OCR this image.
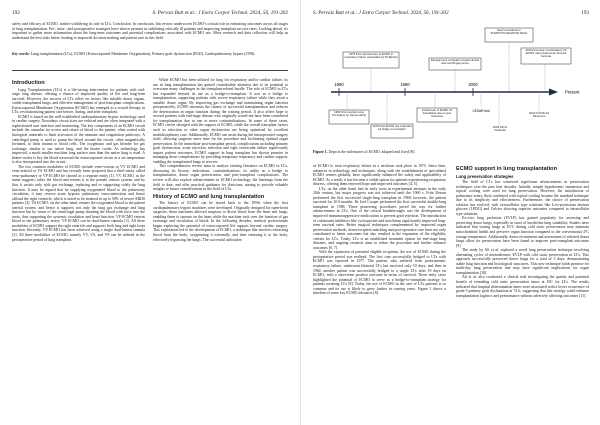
192	S. Pervaiz Butt et al.: J Extra Corpor Technol. 2024, 56, 191-202

safety and efficacy of ECMO, further solidifying its role in LTx. Conclusion: In conclusion, this review underscores ECMO's critical role in enhancing outcomes across all stages of lung transplantation. Pre-, intra-, and postoperative strategies have shown promise in stabilizing critically ill patients and improving transplant success rates. Looking ahead, it's important to gather more information about the long-term outcomes and potential complications associated with ECMO use. More research and data collection will help us understand the best risks better, leading to improved decision-making and patient care in this field.

Key words: Lung transplantation (LTx), ECMO (Extracorporeal Membrane Oxygenation), Primary graft dysfunction (PGD), Cardiopulmonary bypass (CPB).

Introduction

Lung Transplantation (LTx) is a life-saving intervention for patients with end-stage lung disease, offering a chance of improved quality of life and long-term survival. However, the success of LTx relies on factors like suitable donor organs, viable transplanted lungs, and effective management of post-transplant complications. Extracorporeal Membrane Oxygenation (ECMO) has emerged as a crucial therapy in LTx, revolutionizing patient care before, during, and after transplant.

ECMO is based on the well-established cardiopulmonary bypass technology used in cardiac surgery. Nowadays circuit sizes are reduced and are often integrated with a sophisticated user interface and monitoring. The key components of an ECMO circuit include the cannulae for access and return of blood to the patient, often coated with biological materials to limit activation of the immune and coagulation pathways. A centrifugal pump is used to pump the blood around the circuit, often magnetically levitated, to limit trauma to blood cells. The oxygenator and gas blender for gas exchange, similar to our native lung, and the heater cooler. As technology has improved, a much smaller machine long surface area than the native lung is used. A heater-cooler is key the blood traversed the extracorporeal circuit at a set temperature is also incorporated into the circuit.

The two common modalities of ECMO include veno-venous or VV ECMO and veno-arterial or VA ECMO and has recently been proposed that a third entity called veno-pulmonary or VP ECMO be classed as a separate entity [1]. VV ECMO, as the name suggests, takes the blood and returns it to the pseudo venous system, and by that, it assists only with gas exchange, replacing and or supporting solely the lung function. It may be argued that by supplying oxygenated blood to the pulmonary circulation, it may reverse acute hypoxic pulmonary vasoconstriction and hence offload the right ventricle, which is noted to be strained in up to 50% of severe ARDS patients [2]. VA ECMO, on the other hand, returns the oxygenated blood to the patient arterial system, and hence it supports not only the lung gas exchange and lung function but by virtue of the centrifugal pump shunting the blood with force into the aorta, thus supporting the systemic circulation and heart function. VP ECMO returns blood to the pulmonary artery. VP ECMO can be dual-lumen cannula [3]. All three modalities of ECMO support the right ventricle and supports both lung and right heart function. Recently, VP ECMO has been achieved using a single dual-lumen cannula [3]. All three modalities of ECMO, namely VV, VA, and VP can be utilized in the perioperative period of lung transplant.

While ECMO has been utilized for lung for respiratory and/or cardiac failure, its use in lung transplantation has gained considerable attention due to its potential to overcome many challenges in the transplant-related hurdle. The role of ECMO in LTx has expanded beyond its use as a bridge-to-transplant. It acts as a bridge to transplantation, supporting patients with severe respiratory failure while they await a suitable donor organ. By improving gas exchange and maintaining organ function preoperatively, ECMO increases the chance of successful transplantation and reduces the deterioration in organ function during the waiting period. It also offers hope to several patients with end-stage disease who originally would not have been considered for transplantation due to one or more contraindications. In some of these cases, ECMO can be salvaged with the support of ECMO, while the overall transplant factors such as infection or other organ dysfunction are being optimised by excellent multidisciplinary care. Additionally, ECMO can assist during the intraoperative surgery itself, allowing surgeons more time for the procedure and facilitating optimal organ preservation. In the immediate post-transplant period, complications including primary graft dysfunction, acute rejection, infection and right ventricular failure significantly impact patient outcomes. ECMO support in lung transplant has shown promise in managing these complications by providing temporary respiratory and cardiac support, enabling the transplanted lungs to recover.

This comprehensive review aims to analyze existing literature on ECMO in LTx, discussing its history, indications, contraindications, its utility as a bridge to transplantation, donor organ preservation, and post-transplant complications. The review will also explore advancements in ECMO technology, the learnings from the field to date, and offer practical guidance for clinicians, aiming to provide valuable insights to future considerations in the field of LTx.

History of ECMO and lung transplantation

The history of ECMO can be traced back to the 1950s when the first cardiopulmonary bypass machines were developed. Originally designed for open-heart surgeries, these machines allowed surgeons to divert blood from the heart and lungs, enabling them to operate on the heart while the machine took over the function of gas exchange and circulation of blood. In the following decades, medical professionals began exploring the potential of extracorporeal life support beyond cardiac surgery. This exploration led to the development of ECMO, a technique that involves extracting blood from the body, oxygenating it externally, and then returning it to the body, effectively bypassing the lungs. The successful utilisation

S. Pervaiz Butt et al.: J Extra Corpor Technol. 2024, 56, 191-202	193
1960	1980	2000
Present
1975 First reported use of ECMO in respiratory failure resuscitate by Dr Bartlett
Development of heparin coated circuits and centrifugal pumps
New Innovations In PUMP/OXYGENATOR TECH
2010 First case of ambulatory VV ECMO using dual lumen femoral cannula
1963 first reported Lung Transplant by James Hardy
1975 First ECMO use extended as bridge to transplant
Limited use of ECMO for transplants due to poor outcomes
CESAR trial
2009 H1N1 Outbreak
2020 COVID-19 Pandemic

Figure 1. Depicts the milestones of ECMO, adapted and fixed [8].

of ECMO to treat respiratory failure in a newborn took place in 1975. Since then, advances in technology and techniques, along with the establishment of specialized ECMO centres globally, have significantly enhanced the safety and applicability of ECMO. As a result, it has become a viable option for patients experiencing respiratory distress, offering them renewed hope and improved outcomes [4, 5].

LTx, on the other hand, had its early roots in experimental attempts in the early 20th century, but major progress was not achieved until the 1960 s. Fritz Derom performed the first successful single-lung transplant in 1968; however, the patient survived for 10.0 months. Dr Joel Cooper performed the first successful double-lung transplant in 1986. These pioneering procedures paved the way for further advancements in LTx. One of the critical breakthroughs was the development of improved immunosuppressive medications to prevent graft rejection. The introduction of calcineurin inhibitors like cyclosporine and tacrolimus significantly improved long-term survival rates. Better surgical techniques complemented by improved organ preservation methods, donor-recipient matching and post-operative care have not only contributed to better outcomes but also resulted in the expansion of the eligibility criteria for LTx. Today, LTx is an established treatment option for end-stage lung diseases, and ongoing research aims to refine the procedure and further enhance outcomes [6, 7].

With the expansion of potential eligible recipients, the use of ECMO during the perioperative period was realized. The first case successfully bridged to LTx with ECMO was reported in 1977. The patient, who suffered from posttraumatic respiratory failure, underwent bilateral LTx but survived only 10 days, and then in 1982, another patient was successfully bridged to a single LTx after 19 days on ECMO, with a short-term positive outcome in terms of survival. These early cases highlighted the potential of ECMO to serve as a bridge-to-transplant strategy for patients awaiting LTx [8]. Today, the use of ECMO in the care of LTx patients is so common and its use is likely to grow further in coming years. Figure 1 shows a timeline of some key ECMO advances [8].

ECMO support in lung transplantation
Lung preservation strategies

The field of LTx has witnessed significant advancements in preservation techniques over the past four decades. Initially, simple hypothermic immersion and topical cooling were used for lung preservation. However, the introduction of pulmonary artery flush combined with topical cooling became the standard technique due to its simplicity and effectiveness. Furthermore, the choice of preservation solution has evolved, with extracellular type solutions like Low-potassium dextran glucose (LPDG) and Celsior showing superior outcomes compared to intracellular type solutions.

Ex-vivo lung perfusion (EVLP) has gained popularity for assessing and preserving donor lungs, especially in cases of borderline lung suitability. Studies have indicated that storing lungs at 10°C during cold static preservation may maintain mitochondrial health and preserve organ function compared to the conventional 4°C storage temperature. Additionally, donor recruitment and assessment of selected donor lungs allow for preservation have been found to improve post-transplant outcomes [9].

The study by Ali et al. explored a novel lung preservation technique involving alternating cycles of normothermic EVLP with cold static preservation in LTx. This approach successfully preserved donor lungs for a total of 3 days, demonstrating stable lung function and histological structures. This new technique holds promise for multi-day lung preservation and may have significant implications for organ transplantation [10].

Ali et al. also conducted a clinical trial investigating the quality and potential benefit of extending cold static preservation times at 10C for LTx. The results indicated that hospital determination times were associated with a lower occurrence of grade 3 primary graft dysfunction at 72 h, suggesting that this strategy could enhance transplantation logistics and performance without adversely affecting outcomes [11].
